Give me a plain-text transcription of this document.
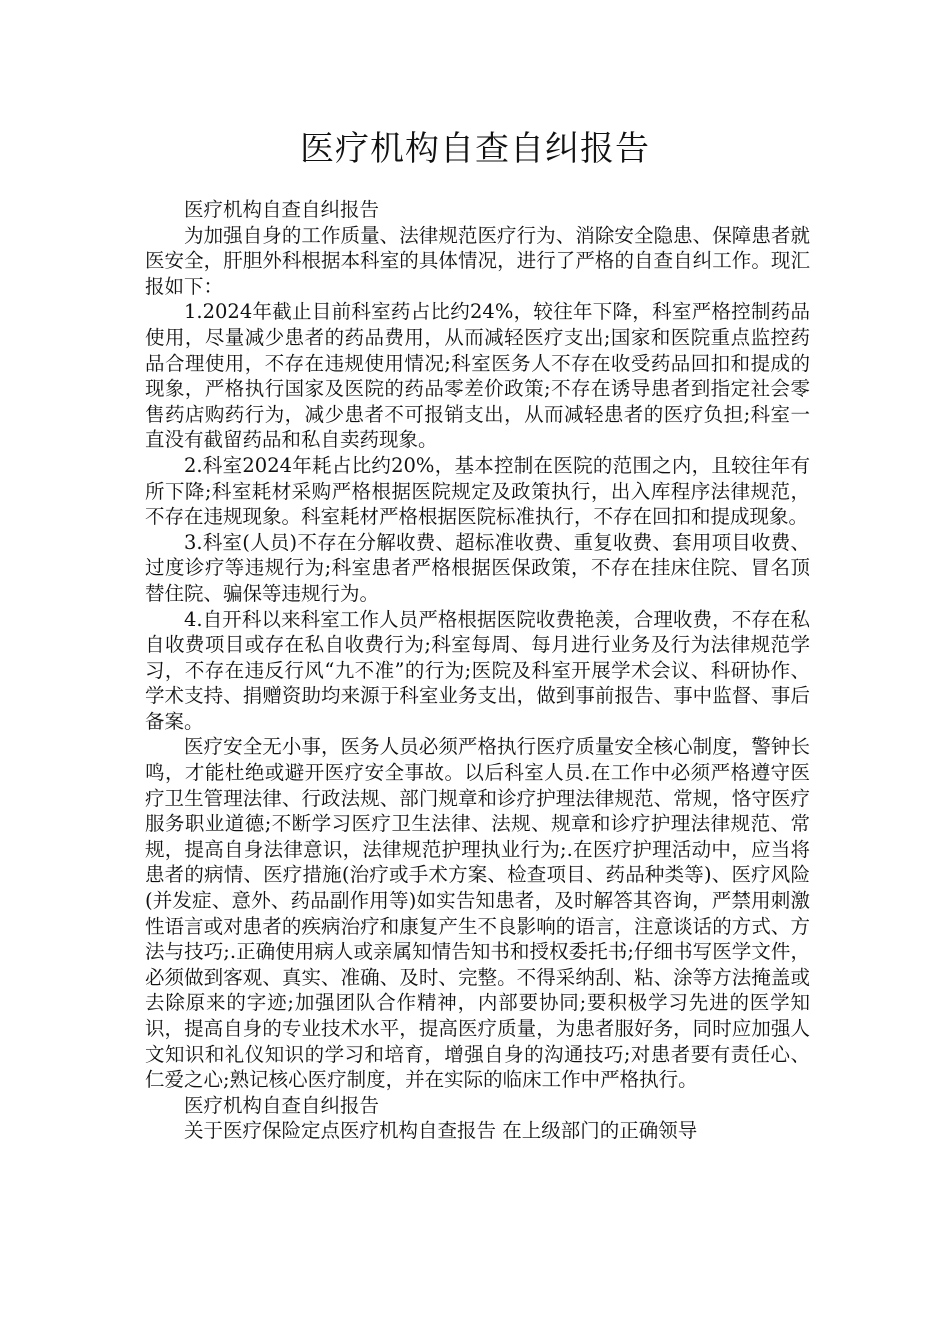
医疗机构自查自纠报告

医疗机构自查自纠报告

为加强自身的工作质量、法律规范医疗行为、消除安全隐患、保障患者就医安全，肝胆外科根据本科室的具体情况，进行了严格的自查自纠工作。现汇报如下：

1.2024年截止目前科室药占比约24%，较往年下降，科室严格控制药品使用，尽量减少患者的药品费用，从而减轻医疗支出;国家和医院重点监控药品合理使用，不存在违规使用情况;科室医务人不存在收受药品回扣和提成的现象，严格执行国家及医院的药品零差价政策;不存在诱导患者到指定社会零售药店购药行为，减少患者不可报销支出，从而减轻患者的医疗负担;科室一直没有截留药品和私自卖药现象。

2.科室2024年耗占比约20%，基本控制在医院的范围之内，且较往年有所下降;科室耗材采购严格根据医院规定及政策执行，出入库程序法律规范，不存在违规现象。科室耗材严格根据医院标准执行，不存在回扣和提成现象。

3.科室(人员)不存在分解收费、超标准收费、重复收费、套用项目收费、过度诊疗等违规行为;科室患者严格根据医保政策，不存在挂床住院、冒名顶替住院、骗保等违规行为。

4.自开科以来科室工作人员严格根据医院收费艳羡，合理收费，不存在私自收费项目或存在私自收费行为;科室每周、每月进行业务及行为法律规范学习，不存在违反行风“九不准”的行为;医院及科室开展学术会议、科研协作、学术支持、捐赠资助均来源于科室业务支出，做到事前报告、事中监督、事后备案。

医疗安全无小事，医务人员必须严格执行医疗质量安全核心制度，警钟长鸣，才能杜绝或避开医疗安全事故。以后科室人员.在工作中必须严格遵守医疗卫生管理法律、行政法规、部门规章和诊疗护理法律规范、常规，恪守医疗服务职业道德;不断学习医疗卫生法律、法规、规章和诊疗护理法律规范、常规，提高自身法律意识，法律规范护理执业行为;.在医疗护理活动中，应当将患者的病情、医疗措施(治疗或手术方案、检查项目、药品种类等)、医疗风险(并发症、意外、药品副作用等)如实告知患者，及时解答其咨询，严禁用刺激性语言或对患者的疾病治疗和康复产生不良影响的语言，注意谈话的方式、方法与技巧;.正确使用病人或亲属知情告知书和授权委托书;仔细书写医学文件，必须做到客观、真实、准确、及时、完整。不得采纳刮、粘、涂等方法掩盖或去除原来的字迹;加强团队合作精神，内部要协同;要积极学习先进的医学知识，提高自身的专业技术水平，提高医疗质量，为患者服好务，同时应加强人文知识和礼仪知识的学习和培育，增强自身的沟通技巧;对患者要有责任心、仁爱之心;熟记核心医疗制度，并在实际的临床工作中严格执行。

医疗机构自查自纠报告

关于医疗保险定点医疗机构自查报告 在上级部门的正确领导
